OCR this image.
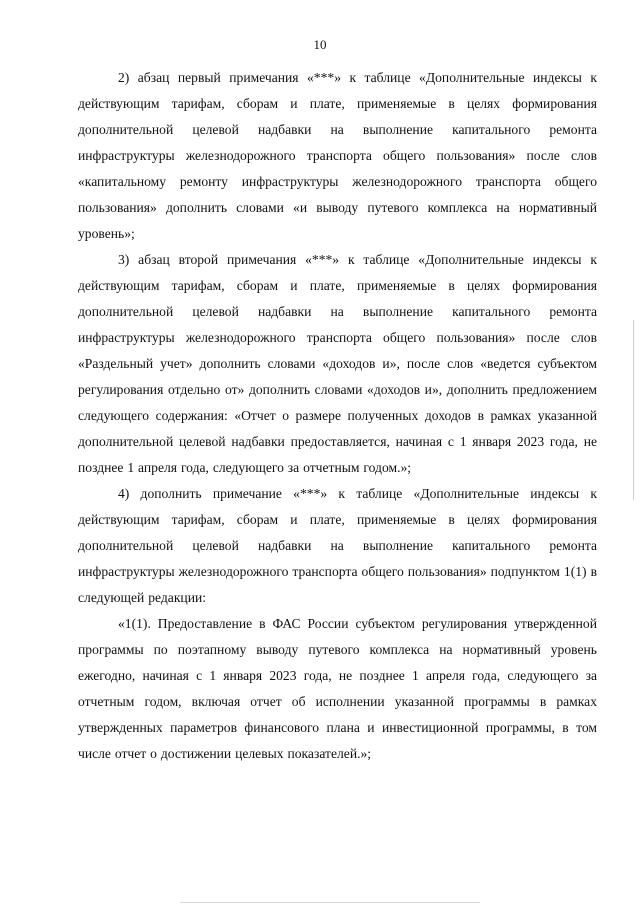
10

2) абзац первый примечания «***» к таблице «Дополнительные индексы к действующим тарифам, сборам и плате, применяемые в целях формирования дополнительной целевой надбавки на выполнение капитального ремонта инфраструктуры железнодорожного транспорта общего пользования» после слов «капитальному ремонту инфраструктуры железнодорожного транспорта общего пользования» дополнить словами «и выводу путевого комплекса на нормативный уровень»;

3) абзац второй примечания «***» к таблице «Дополнительные индексы к действующим тарифам, сборам и плате, применяемые в целях формирования дополнительной целевой надбавки на выполнение капитального ремонта инфраструктуры железнодорожного транспорта общего пользования» после слов «Раздельный учет» дополнить словами «доходов и», после слов «ведется субъектом регулирования отдельно от» дополнить словами «доходов и», дополнить предложением следующего содержания: «Отчет о размере полученных доходов в рамках указанной дополнительной целевой надбавки предоставляется, начиная с 1 января 2023 года, не позднее 1 апреля года, следующего за отчетным годом.»;

4) дополнить примечание «***» к таблице «Дополнительные индексы к действующим тарифам, сборам и плате, применяемые в целях формирования дополнительной целевой надбавки на выполнение капитального ремонта инфраструктуры железнодорожного транспорта общего пользования» подпунктом 1(1) в следующей редакции:

«1(1). Предоставление в ФАС России субъектом регулирования утвержденной программы по поэтапному выводу путевого комплекса на нормативный уровень ежегодно, начиная с 1 января 2023 года, не позднее 1 апреля года, следующего за отчетным годом, включая отчет об исполнении указанной программы в рамках утвержденных параметров финансового плана и инвестиционной программы, в том числе отчет о достижении целевых показателей.»;
